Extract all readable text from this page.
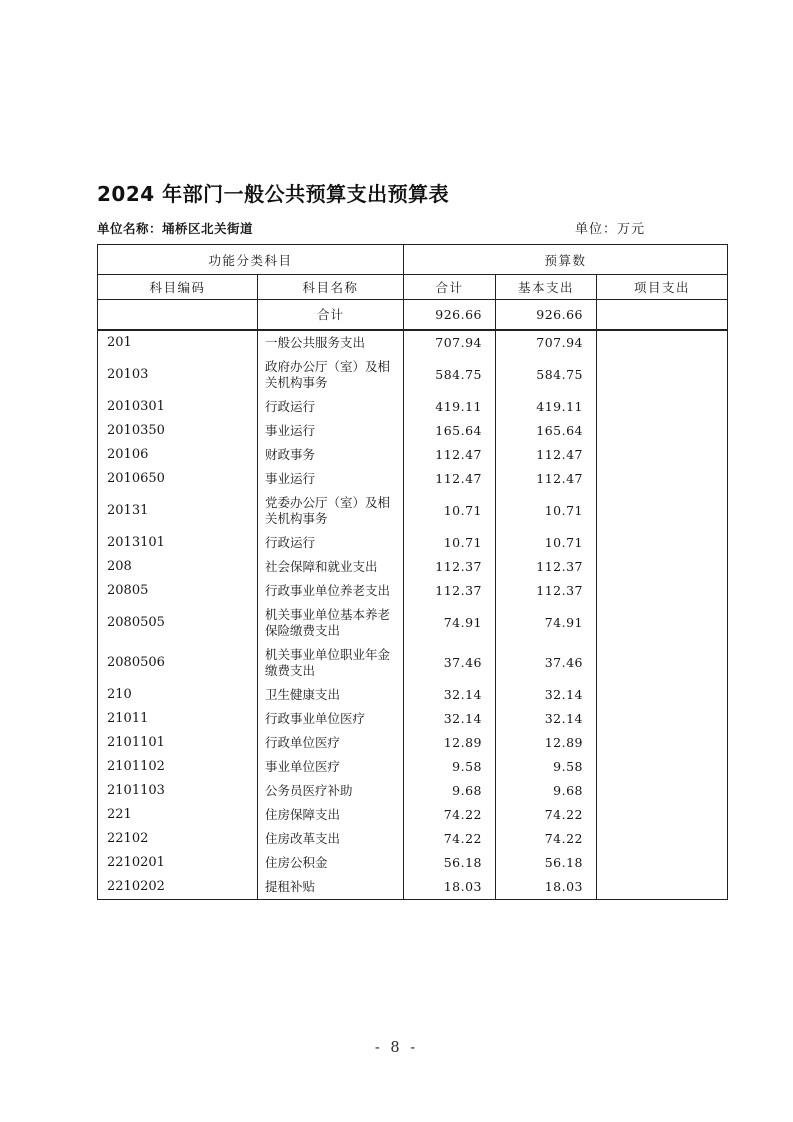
2024 年部门一般公共预算支出预算表
单位名称：埇桥区北关街道	单位：万元
功能分类科目		预算数		
科目编码	科目名称	合计	基本支出	项目支出
	合计	926.66	926.66	
201	一般公共服务支出	707.94	707.94	
20103	政府办公厅（室）及相关机构事务	584.75	584.75	
2010301	行政运行	419.11	419.11	
2010350	事业运行	165.64	165.64	
20106	财政事务	112.47	112.47	
2010650	事业运行	112.47	112.47	
20131	党委办公厅（室）及相关机构事务	10.71	10.71	
2013101	行政运行	10.71	10.71	
208	社会保障和就业支出	112.37	112.37	
20805	行政事业单位养老支出	112.37	112.37	
2080505	机关事业单位基本养老保险缴费支出	74.91	74.91	
2080506	机关事业单位职业年金缴费支出	37.46	37.46	
210	卫生健康支出	32.14	32.14	
21011	行政事业单位医疗	32.14	32.14	
2101101	行政单位医疗	12.89	12.89	
2101102	事业单位医疗	9.58	9.58	
2101103	公务员医疗补助	9.68	9.68	
221	住房保障支出	74.22	74.22	
22102	住房改革支出	74.22	74.22	
2210201	住房公积金	56.18	56.18	
2210202	提租补贴	18.03	18.03	
- 8 -
